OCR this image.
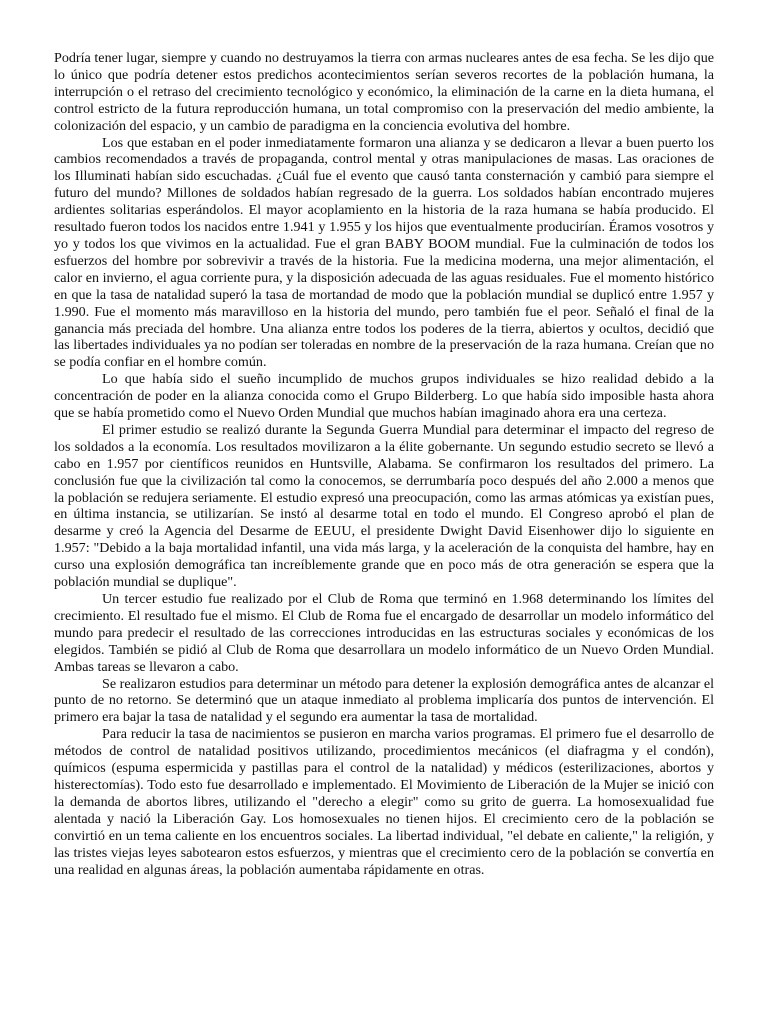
Podría tener lugar, siempre y cuando no destruyamos la tierra con armas nucleares antes de esa fecha. Se les dijo que lo único que podría detener estos predichos acontecimientos serían severos recortes de la población humana, la interrupción o el retraso del crecimiento tecnológico y económico, la eliminación de la carne en la dieta humana, el control estricto de la futura reproducción humana, un total compromiso con la preservación del medio ambiente, la colonización del espacio, y un cambio de paradigma en la conciencia evolutiva del hombre.

Los que estaban en el poder inmediatamente formaron una alianza y se dedicaron a llevar a buen puerto los cambios recomendados a través de propaganda, control mental y otras manipulaciones de masas. Las oraciones de los Illuminati habían sido escuchadas. ¿Cuál fue el evento que causó tanta consternación y cambió para siempre el futuro del mundo? Millones de soldados habían regresado de la guerra. Los soldados habían encontrado mujeres ardientes solitarias esperándolos. El mayor acoplamiento en la historia de la raza humana se había producido. El resultado fueron todos los nacidos entre 1.941 y 1.955 y los hijos que eventualmente producirían. Éramos vosotros y yo y todos los que vivimos en la actualidad. Fue el gran BABY BOOM mundial. Fue la culminación de todos los esfuerzos del hombre por sobrevivir a través de la historia. Fue la medicina moderna, una mejor alimentación, el calor en invierno, el agua corriente pura, y la disposición adecuada de las aguas residuales. Fue el momento histórico en que la tasa de natalidad superó la tasa de mortandad de modo que la población mundial se duplicó entre 1.957 y 1.990. Fue el momento más maravilloso en la historia del mundo, pero también fue el peor. Señaló el final de la ganancia más preciada del hombre. Una alianza entre todos los poderes de la tierra, abiertos y ocultos, decidió que las libertades individuales ya no podían ser toleradas en nombre de la preservación de la raza humana. Creían que no se podía confiar en el hombre común.

Lo que había sido el sueño incumplido de muchos grupos individuales se hizo realidad debido a la concentración de poder en la alianza conocida como el Grupo Bilderberg. Lo que había sido imposible hasta ahora que se había prometido como el Nuevo Orden Mundial que muchos habían imaginado ahora era una certeza.

El primer estudio se realizó durante la Segunda Guerra Mundial para determinar el impacto del regreso de los soldados a la economía. Los resultados movilizaron a la élite gobernante. Un segundo estudio secreto se llevó a cabo en 1.957 por científicos reunidos en Huntsville, Alabama. Se confirmaron los resultados del primero. La conclusión fue que la civilización tal como la conocemos, se derrumbaría poco después del año 2.000 a menos que la población se redujera seriamente. El estudio expresó una preocupación, como las armas atómicas ya existían pues, en última instancia, se utilizarían. Se instó al desarme total en todo el mundo. El Congreso aprobó el plan de desarme y creó la Agencia del Desarme de EEUU, el presidente Dwight David Eisenhower dijo lo siguiente en 1.957: "Debido a la baja mortalidad infantil, una vida más larga, y la aceleración de la conquista del hambre, hay en curso una explosión demográfica tan increíblemente grande que en poco más de otra generación se espera que la población mundial se duplique".

Un tercer estudio fue realizado por el Club de Roma que terminó en 1.968 determinando los límites del crecimiento. El resultado fue el mismo. El Club de Roma fue el encargado de desarrollar un modelo informático del mundo para predecir el resultado de las correcciones introducidas en las estructuras sociales y económicas de los elegidos. También se pidió al Club de Roma que desarrollara un modelo informático de un Nuevo Orden Mundial. Ambas tareas se llevaron a cabo.

Se realizaron estudios para determinar un método para detener la explosión demográfica antes de alcanzar el punto de no retorno. Se determinó que un ataque inmediato al problema implicaría dos puntos de intervención. El primero era bajar la tasa de natalidad y el segundo era aumentar la tasa de mortalidad.

Para reducir la tasa de nacimientos se pusieron en marcha varios programas. El primero fue el desarrollo de métodos de control de natalidad positivos utilizando, procedimientos mecánicos (el diafragma y el condón), químicos (espuma espermicida y pastillas para el control de la natalidad) y médicos (esterilizaciones, abortos y histerectomías). Todo esto fue desarrollado e implementado. El Movimiento de Liberación de la Mujer se inició con la demanda de abortos libres, utilizando el "derecho a elegir" como su grito de guerra. La homosexualidad fue alentada y nació la Liberación Gay. Los homosexuales no tienen hijos. El crecimiento cero de la población se convirtió en un tema caliente en los encuentros sociales. La libertad individual, "el debate en caliente," la religión, y las tristes viejas leyes sabotearon estos esfuerzos, y mientras que el crecimiento cero de la población se convertía en una realidad en algunas áreas, la población aumentaba rápidamente en otras.
